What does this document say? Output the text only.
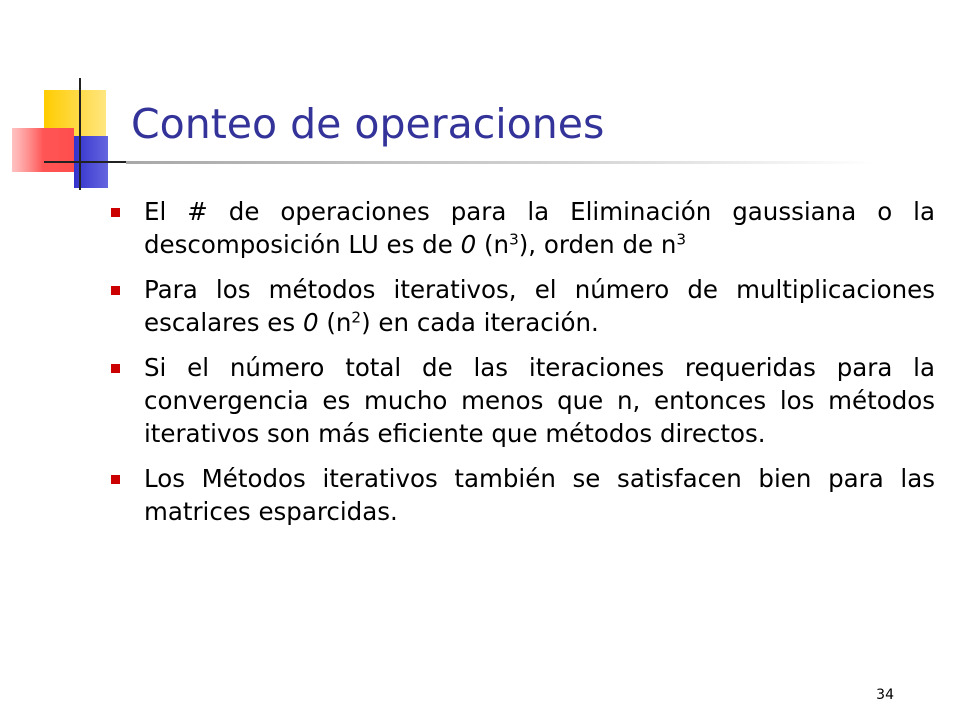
Conteo de operaciones
El # de operaciones para la Eliminación gaussiana o la descomposición LU es de 0 $(n^3)$, orden de $n^3$
Para los métodos iterativos, el número de multiplicaciones escalares es 0 $(n^2)$ en cada iteración.
Si el número total de las iteraciones requeridas para la convergencia es mucho menos que n, entonces los métodos iterativos son más eficiente que métodos directos.
Los Métodos iterativos también se satisfacen bien para las matrices esparcidas.
34
